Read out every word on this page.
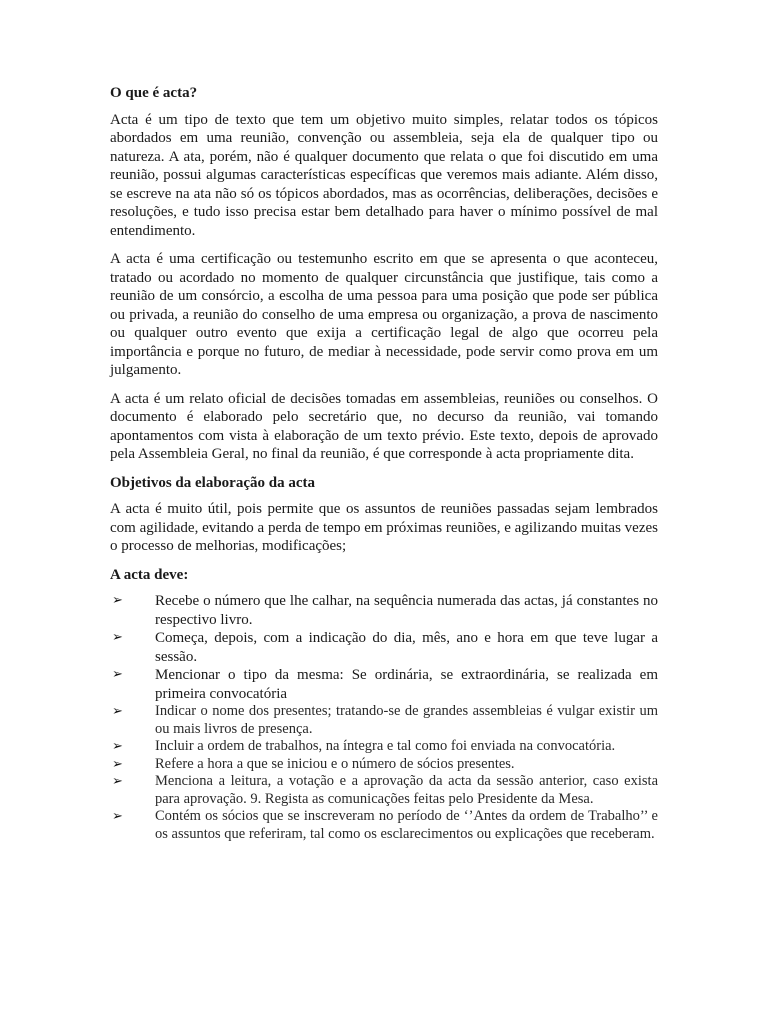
O que é acta?

Acta é um tipo de texto que tem um objetivo muito simples, relatar todos os tópicos abordados em uma reunião, convenção ou assembleia, seja ela de qualquer tipo ou natureza. A ata, porém, não é qualquer documento que relata o que foi discutido em uma reunião, possui algumas características específicas que veremos mais adiante. Além disso, se escreve na ata não só os tópicos abordados, mas as ocorrências, deliberações, decisões e resoluções, e tudo isso precisa estar bem detalhado para haver o mínimo possível de mal entendimento.

A acta é uma certificação ou testemunho escrito em que se apresenta o que aconteceu, tratado ou acordado no momento de qualquer circunstância que justifique, tais como a reunião de um consórcio, a escolha de uma pessoa para uma posição que pode ser pública ou privada, a reunião do conselho de uma empresa ou organização, a prova de nascimento ou qualquer outro evento que exija a certificação legal de algo que ocorreu pela importância e porque no futuro, de mediar à necessidade, pode servir como prova em um julgamento.

A acta é um relato oficial de decisões tomadas em assembleias, reuniões ou conselhos. O documento é elaborado pelo secretário que, no decurso da reunião, vai tomando apontamentos com vista à elaboração de um texto prévio. Este texto, depois de aprovado pela Assembleia Geral, no final da reunião, é que corresponde à acta propriamente dita.

Objetivos da elaboração da acta

A acta é muito útil, pois permite que os assuntos de reuniões passadas sejam lembrados com agilidade, evitando a perda de tempo em próximas reuniões, e agilizando muitas vezes o processo de melhorias, modificações;

A acta deve:
➢ Recebe o número que lhe calhar, na sequência numerada das actas, já constantes no respectivo livro.
➢ Começa, depois, com a indicação do dia, mês, ano e hora em que teve lugar a sessão.
➢ Mencionar o tipo da mesma: Se ordinária, se extraordinária, se realizada em primeira convocatória
➢ Indicar o nome dos presentes; tratando-se de grandes assembleias é vulgar existir um ou mais livros de presença.
➢ Incluir a ordem de trabalhos, na íntegra e tal como foi enviada na convocatória.
➢ Refere a hora a que se iniciou e o número de sócios presentes.
➢ Menciona a leitura, a votação e a aprovação da acta da sessão anterior, caso exista para aprovação. 9. Regista as comunicações feitas pelo Presidente da Mesa.
➢ Contém os sócios que se inscreveram no período de ‘’Antes da ordem de Trabalho’’ e os assuntos que referiram, tal como os esclarecimentos ou explicações que receberam.
